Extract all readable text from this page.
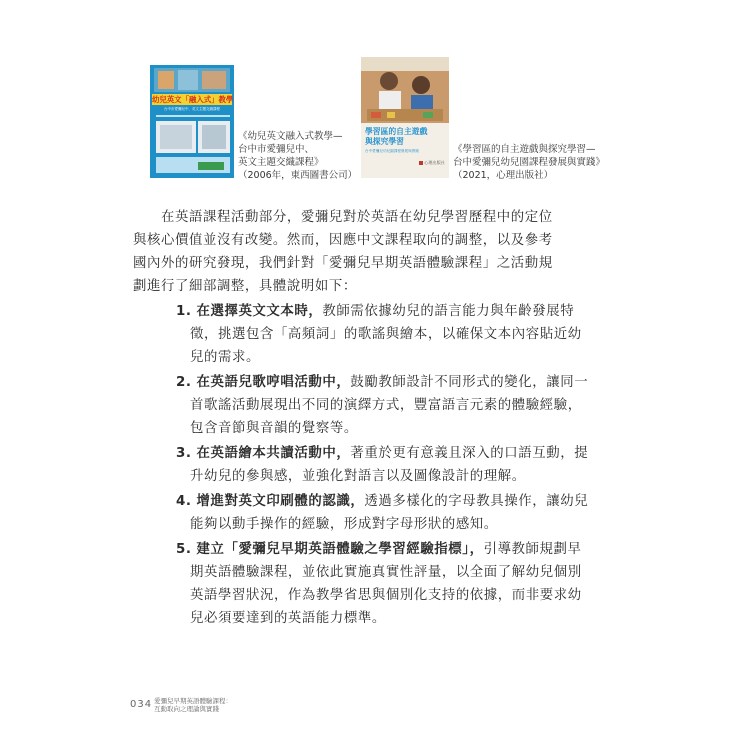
幼兒英文「融入式」教學
台中市愛彌兒中、英文主題交織課程
學習區的自主遊戲
與探究學習
台中愛彌兒幼兒園課程發展與實踐
心理出版社
《幼兒英文融入式教學—
台中市愛彌兒中、
英文主題交織課程》
（2006年，東西圖書公司）
《學習區的自主遊戲與探究學習—
台中愛彌兒幼兒園課程發展與實踐》
（2021，心理出版社）
在英語課程活動部分，愛彌兒對於英語在幼兒學習歷程中的定位
與核心價值並沒有改變。然而，因應中文課程取向的調整，以及參考
國內外的研究發現，我們針對「愛彌兒早期英語體驗課程」之活動規
劃進行了細部調整，具體說明如下：
1. 在選擇英文文本時，教師需依據幼兒的語言能力與年齡發展特
徵，挑選包含「高頻詞」的歌謠與繪本，以確保文本內容貼近幼
兒的需求。
2. 在英語兒歌哼唱活動中，鼓勵教師設計不同形式的變化，讓同一
首歌謠活動展現出不同的演繹方式，豐富語言元素的體驗經驗，
包含音節與音韻的覺察等。
3. 在英語繪本共讀活動中，著重於更有意義且深入的口語互動，提
升幼兒的參與感，並強化對語言以及圖像設計的理解。
4. 增進對英文印刷體的認識，透過多樣化的字母教具操作，讓幼兒
能夠以動手操作的經驗，形成對字母形狀的感知。
5. 建立「愛彌兒早期英語體驗之學習經驗指標」，引導教師規劃早
期英語體驗課程，並依此實施真實性評量，以全面了解幼兒個別
英語學習狀況，作為教學省思與個別化支持的依據，而非要求幼
兒必須要達到的英語能力標準。
034 愛彌兒早期英語體驗課程：
互動取向之理論與實踐
